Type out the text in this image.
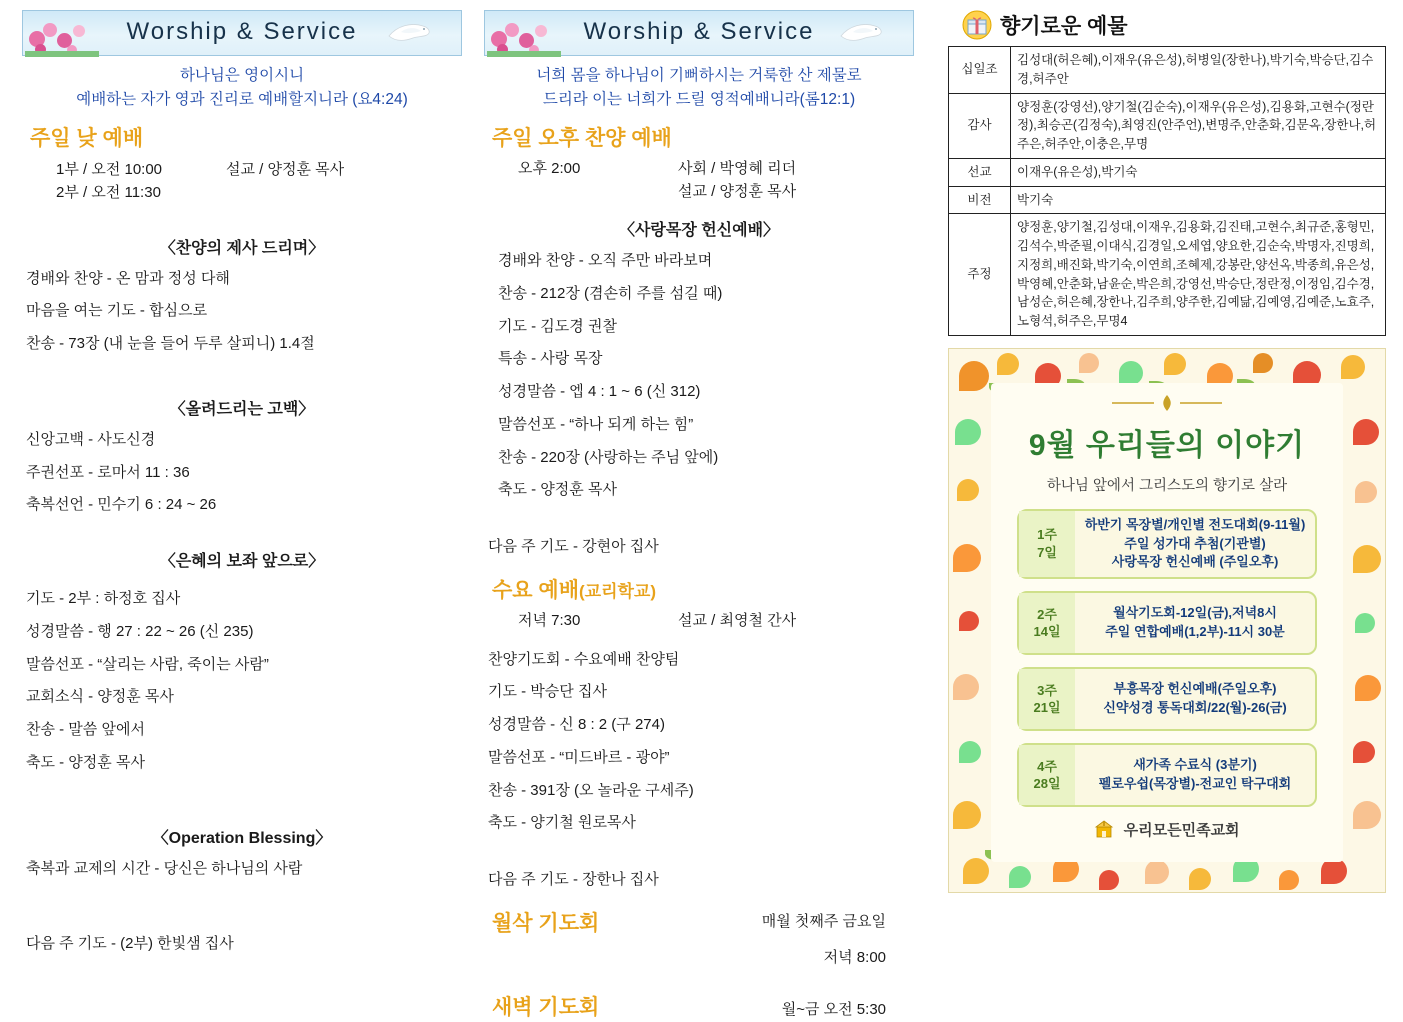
Worship & Service
하나님은 영이시니
예배하는 자가 영과 진리로 예배할지니라 (요4:24)
주일 낮 예배
1부 / 오전 10:00	설교 / 양정훈 목사
2부 / 오전 11:30
〈찬양의 제사 드리며〉
경배와 찬양 - 온 맘과 정성 다해
마음을 여는 기도 - 합심으로
찬송 - 73장 (내 눈을 들어 두루 살피니) 1.4절
〈올려드리는 고백〉
신앙고백 - 사도신경
주권선포 - 로마서 11 : 36
축복선언 - 민수기 6 : 24 ~ 26
〈은혜의 보좌 앞으로〉
기도 - 2부 : 하정호 집사
성경말씀 - 행 27 : 22 ~ 26 (신 235)
말씀선포 - “살리는 사람, 죽이는 사람”
교회소식 - 양정훈 목사
찬송 - 말씀 앞에서
축도 - 양정훈 목사
〈Operation Blessing〉
축복과 교제의 시간 - 당신은 하나님의 사람
다음 주 기도 - (2부) 한빛샘 집사
Worship & Service
너희 몸을 하나님이 기뻐하시는 거룩한 산 제물로
드리라 이는 너희가 드릴 영적예배니라(롬12:1)
주일 오후 찬양 예배
오후 2:00	사회 / 박영혜 리더
설교 / 양정훈 목사
〈사랑목장 헌신예배〉
경배와 찬양 - 오직 주만 바라보며
찬송 - 212장 (겸손히 주를 섬길 때)
기도 - 김도경 권찰
특송 - 사랑 목장
성경말씀 - 엡 4 : 1 ~ 6 (신 312)
말씀선포 - “하나 되게 하는 힘”
찬송 - 220장 (사랑하는 주님 앞에)
축도 - 양정훈 목사
다음 주 기도 - 강현아 집사
수요 예배(교리학교)
저녁 7:30	설교 / 최영철 간사
찬양기도회 - 수요예배 찬양팀
기도 - 박승단 집사
성경말씀 - 신 8 : 2 (구 274)
말씀선포 - “미드바르 - 광야”
찬송 - 391장 (오 놀라운 구세주)
축도 - 양기철 원로목사
다음 주 기도 - 장한나 집사
월삭 기도회	매월 첫째주 금요일
저녁 8:00
새벽 기도회	월~금 오전 5:30
향기로운 예물
십일조	김성대(허은혜),이재우(유은성),허병일(장한나),박기숙,박승단,김수경,허주안
감사	양정훈(강영선),양기철(김순숙),이재우(유은성),김용화,고현수(정란정),최승곤(김정숙),최영진(안주언),변명주,안춘화,김문옥,장한나,허주은,허주안,이충은,무명
선교	이재우(유은성),박기숙
비전	박기숙
주정	양정훈,양기철,김성대,이재우,김용화,김진태,고현수,최규준,홍형민,김석수,박준필,이대식,김경일,오세엽,양요한,김순숙,박명자,진명희,지정희,배진화,박기숙,이연희,조혜제,강봉란,양선옥,박종희,유은성,박영혜,안춘화,남윤순,박은희,강영선,박승단,정란정,이정임,김수경,남성순,허은혜,장한나,김주희,양주한,김예닮,김예영,김예준,노효주,노형석,허주은,무명4
9월 우리들의 이야기
하나님 앞에서 그리스도의 향기로 살라
1주
7일
하반기 목장별/개인별 전도대회(9-11월)
주일 성가대 추첨(기관별)
사랑목장 헌신예배 (주일오후)
2주
14일
월삭기도회-12일(금),저녁8시
주일 연합예배(1,2부)-11시 30분
3주
21일
부흥목장 헌신예배(주일오후)
신약성경 통독대회/22(월)-26(금)
4주
28일
새가족 수료식 (3분기)
펠로우쉽(목장별)-전교인 탁구대회
우리모든민족교회
